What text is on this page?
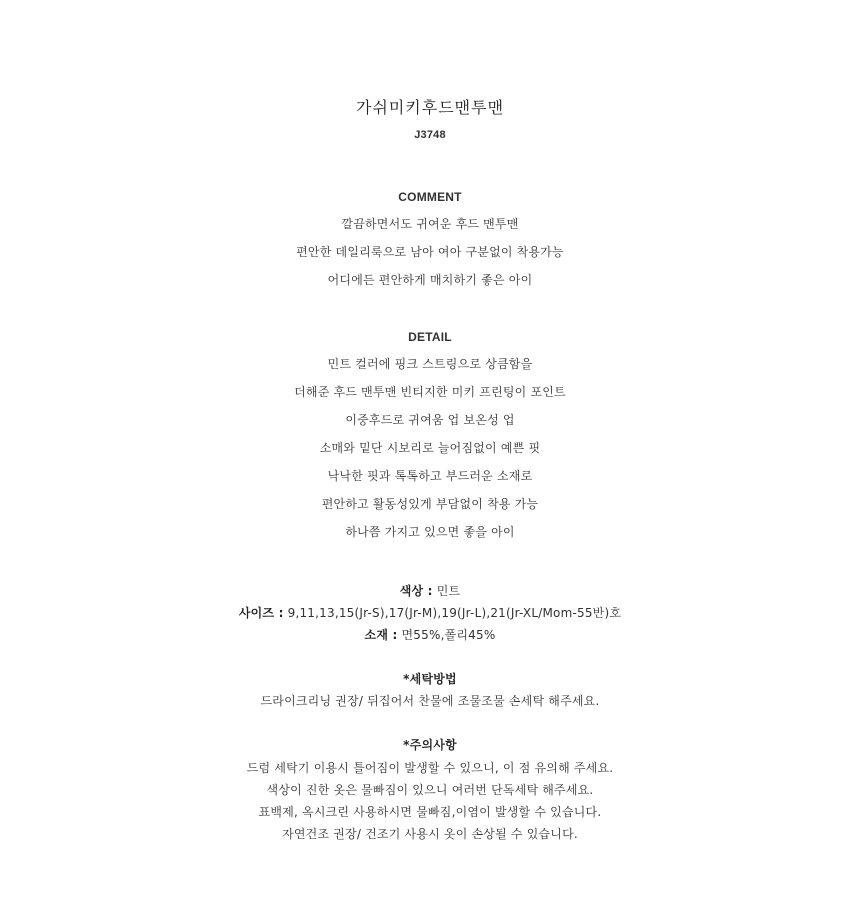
가쉬미키후드맨투맨
J3748
COMMENT
깔끔하면서도 귀여운 후드 맨투맨
편안한 데일리룩으로 남아 여아 구분없이 착용가능
어디에든 편안하게 매치하기 좋은 아이
DETAIL
민트 컬러에 핑크 스트링으로 상큼함을
더해준 후드 맨투맨 빈티지한 미키 프린팅이 포인트
이중후드로 귀여움 업 보온성 업
소매와 밑단 시보리로 늘어짐없이 예쁜 핏
낙낙한 핏과 톡톡하고 부드러운 소재로
편안하고 활동성있게 부담없이 착용 가능
하나쯤 가지고 있으면 좋을 아이
색상 : 민트
사이즈 : 9,11,13,15(Jr-S),17(Jr-M),19(Jr-L),21(Jr-XL/Mom-55반)호
소재 : 면55%,폴리45%
*세탁방법
드라이크리닝 권장/ 뒤집어서 찬물에 조물조물 손세탁 해주세요.
*주의사항
드럼 세탁기 이용시 틀어짐이 발생할 수 있으니, 이 점 유의해 주세요.
색상이 진한 옷은 물빠짐이 있으니 여러번 단독세탁 해주세요.
표백제, 옥시크린 사용하시면 물빠짐,이염이 발생할 수 있습니다.
자연건조 권장/ 건조기 사용시 옷이 손상될 수 있습니다.
